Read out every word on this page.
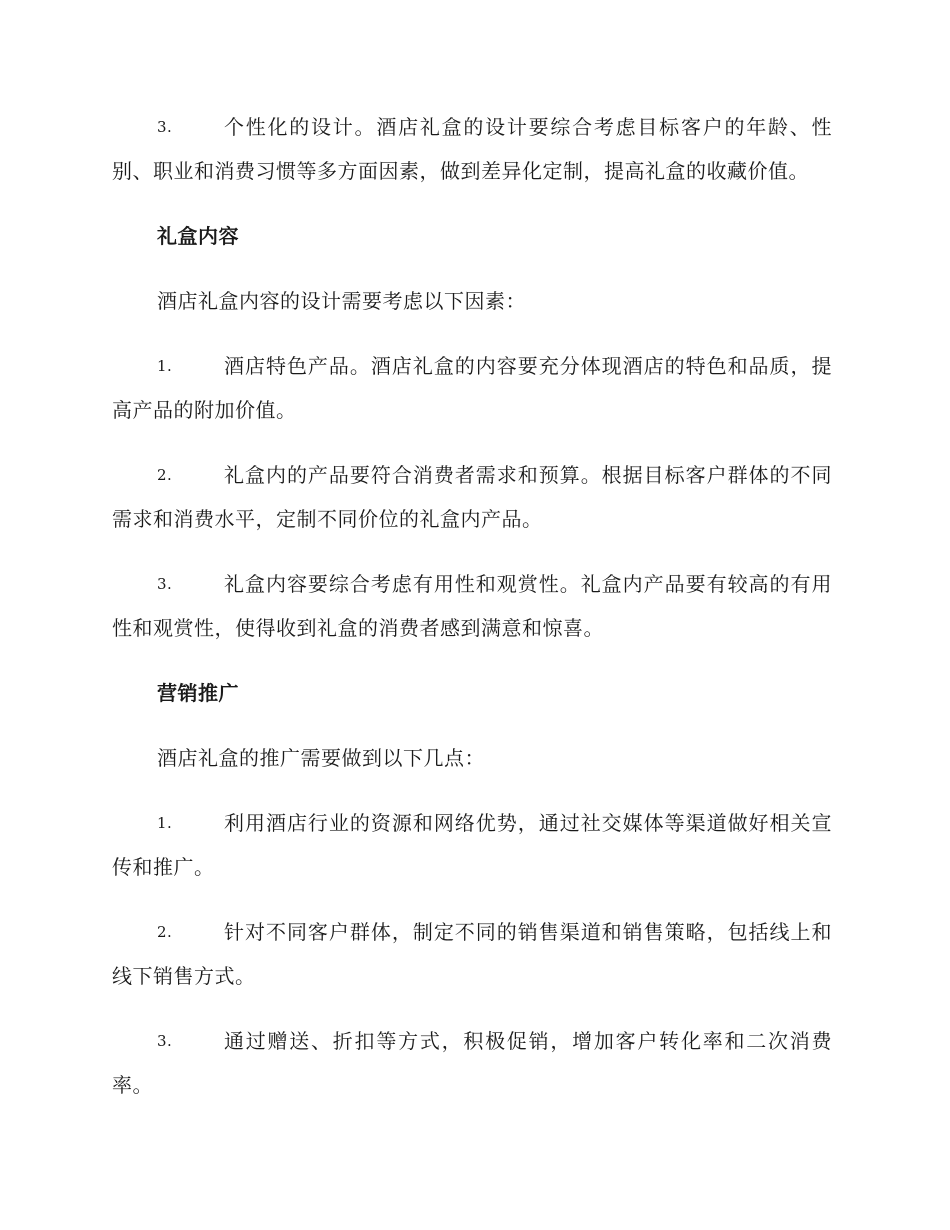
3.	个性化的设计。酒店礼盒的设计要综合考虑目标客户的年龄、性别、职业和消费习惯等多方面因素，做到差异化定制，提高礼盒的收藏价值。

礼盒内容

酒店礼盒内容的设计需要考虑以下因素：

1.	酒店特色产品。酒店礼盒的内容要充分体现酒店的特色和品质，提高产品的附加价值。

2.	礼盒内的产品要符合消费者需求和预算。根据目标客户群体的不同需求和消费水平，定制不同价位的礼盒内产品。

3.	礼盒内容要综合考虑有用性和观赏性。礼盒内产品要有较高的有用性和观赏性，使得收到礼盒的消费者感到满意和惊喜。

营销推广

酒店礼盒的推广需要做到以下几点：

1.	利用酒店行业的资源和网络优势，通过社交媒体等渠道做好相关宣传和推广。

2.	针对不同客户群体，制定不同的销售渠道和销售策略，包括线上和线下销售方式。

3.	通过赠送、折扣等方式，积极促销，增加客户转化率和二次消费率。
